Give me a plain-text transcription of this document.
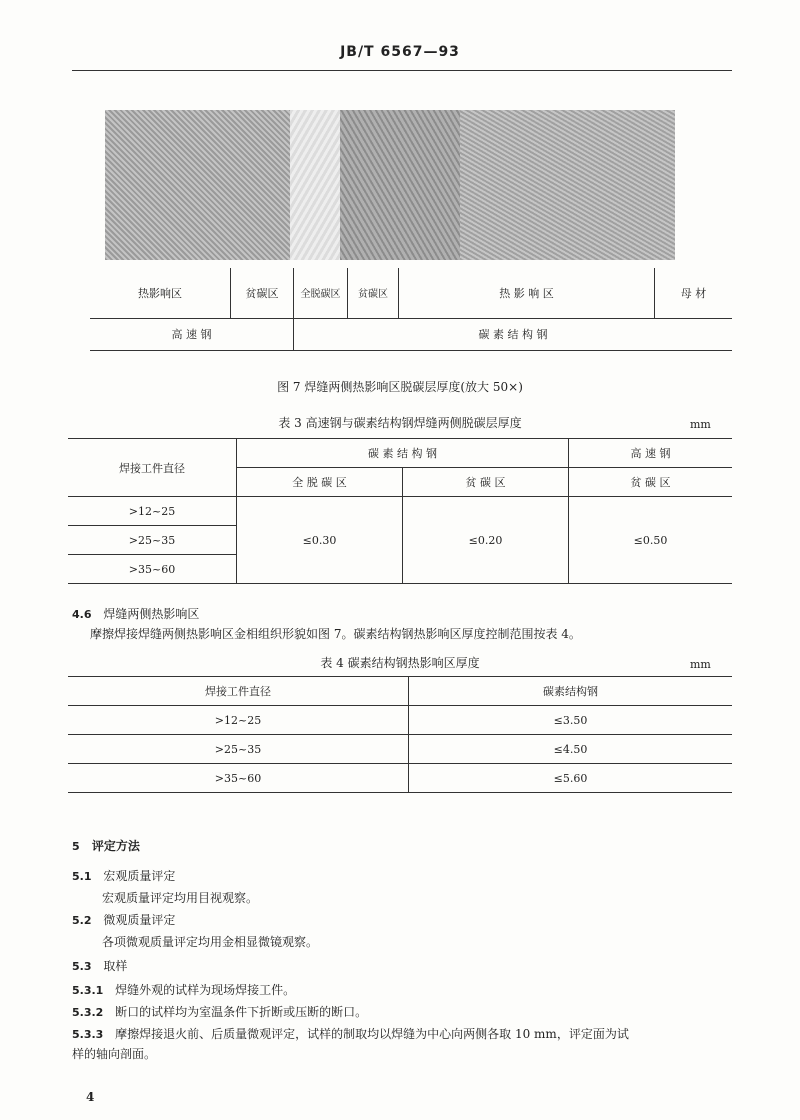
JB/T 6567—93
热影响区	贫碳区	全脱碳区	贫碳区	热 影 响 区	母 材
高 速 钢		碳 素 结 构 钢			
图 7 焊缝两侧热影响区脱碳层厚度(放大 50×)
表 3 高速钢与碳素结构钢焊缝两侧脱碳层厚度	mm
焊接工件直径	碳 素 结 构 钢		高 速 钢
	全 脱 碳 区	贫 碳 区	贫 碳 区
>12~25	≤0.30	≤0.20	≤0.50
>25~35			
>35~60			
4.6 焊缝两侧热影响区
摩擦焊接焊缝两侧热影响区金相组织形貌如图 7。碳素结构钢热影响区厚度控制范围按表 4。
表 4 碳素结构钢热影响区厚度	mm
焊接工件直径	碳素结构钢
>12~25	≤3.50
>25~35	≤4.50
>35~60	≤5.60
5 评定方法
5.1 宏观质量评定
宏观质量评定均用目视观察。
5.2 微观质量评定
各项微观质量评定均用金相显微镜观察。
5.3 取样
5.3.1 焊缝外观的试样为现场焊接工件。
5.3.2 断口的试样均为室温条件下折断或压断的断口。
5.3.3 摩擦焊接退火前、后质量微观评定，试样的制取均以焊缝为中心向两侧各取 10 mm，评定面为试
样的轴向剖面。
4
